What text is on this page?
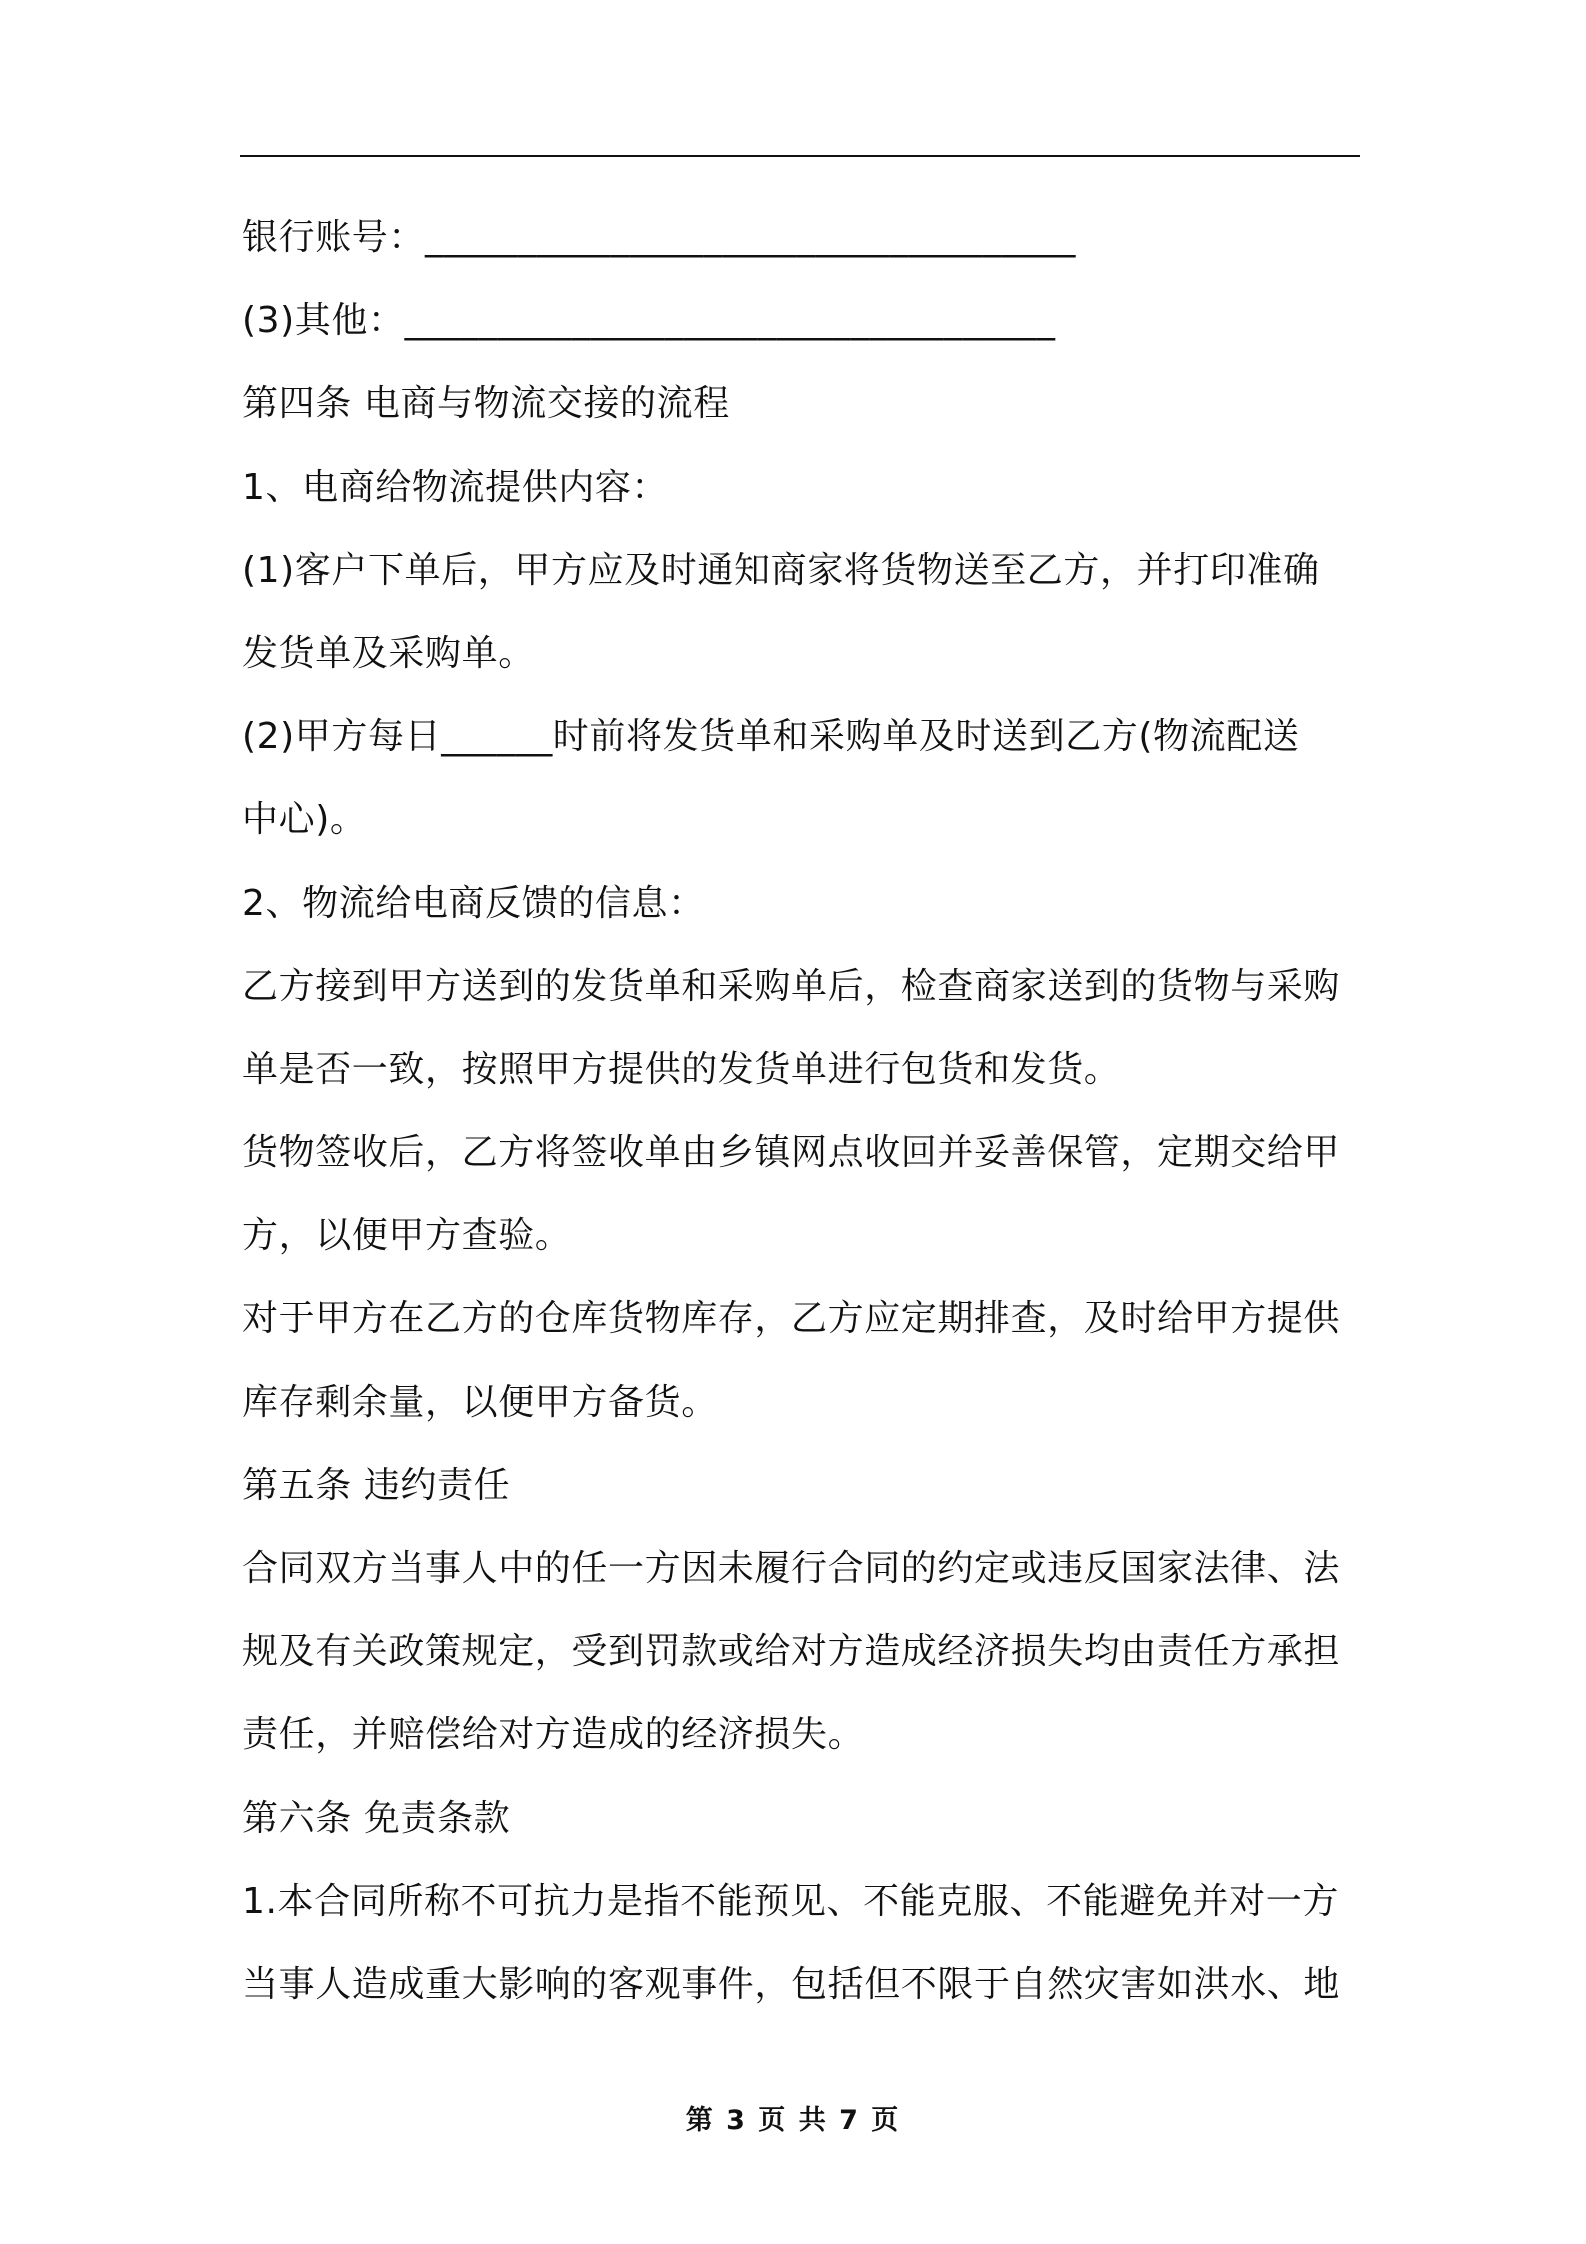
银行账号：___________________________________
(3)其他：___________________________________
第四条 电商与物流交接的流程
1、电商给物流提供内容：
(1)客户下单后，甲方应及时通知商家将货物送至乙方，并打印准确
发货单及采购单。
(2)甲方每日______时前将发货单和采购单及时送到乙方(物流配送
中心)。
2、物流给电商反馈的信息：
乙方接到甲方送到的发货单和采购单后，检查商家送到的货物与采购
单是否一致，按照甲方提供的发货单进行包货和发货。
货物签收后，乙方将签收单由乡镇网点收回并妥善保管，定期交给甲
方，以便甲方查验。
对于甲方在乙方的仓库货物库存，乙方应定期排查，及时给甲方提供
库存剩余量，以便甲方备货。
第五条 违约责任
合同双方当事人中的任一方因未履行合同的约定或违反国家法律、法
规及有关政策规定，受到罚款或给对方造成经济损失均由责任方承担
责任，并赔偿给对方造成的经济损失。
第六条 免责条款
1.本合同所称不可抗力是指不能预见、不能克服、不能避免并对一方
当事人造成重大影响的客观事件，包括但不限于自然灾害如洪水、地
第 3 页 共 7 页
